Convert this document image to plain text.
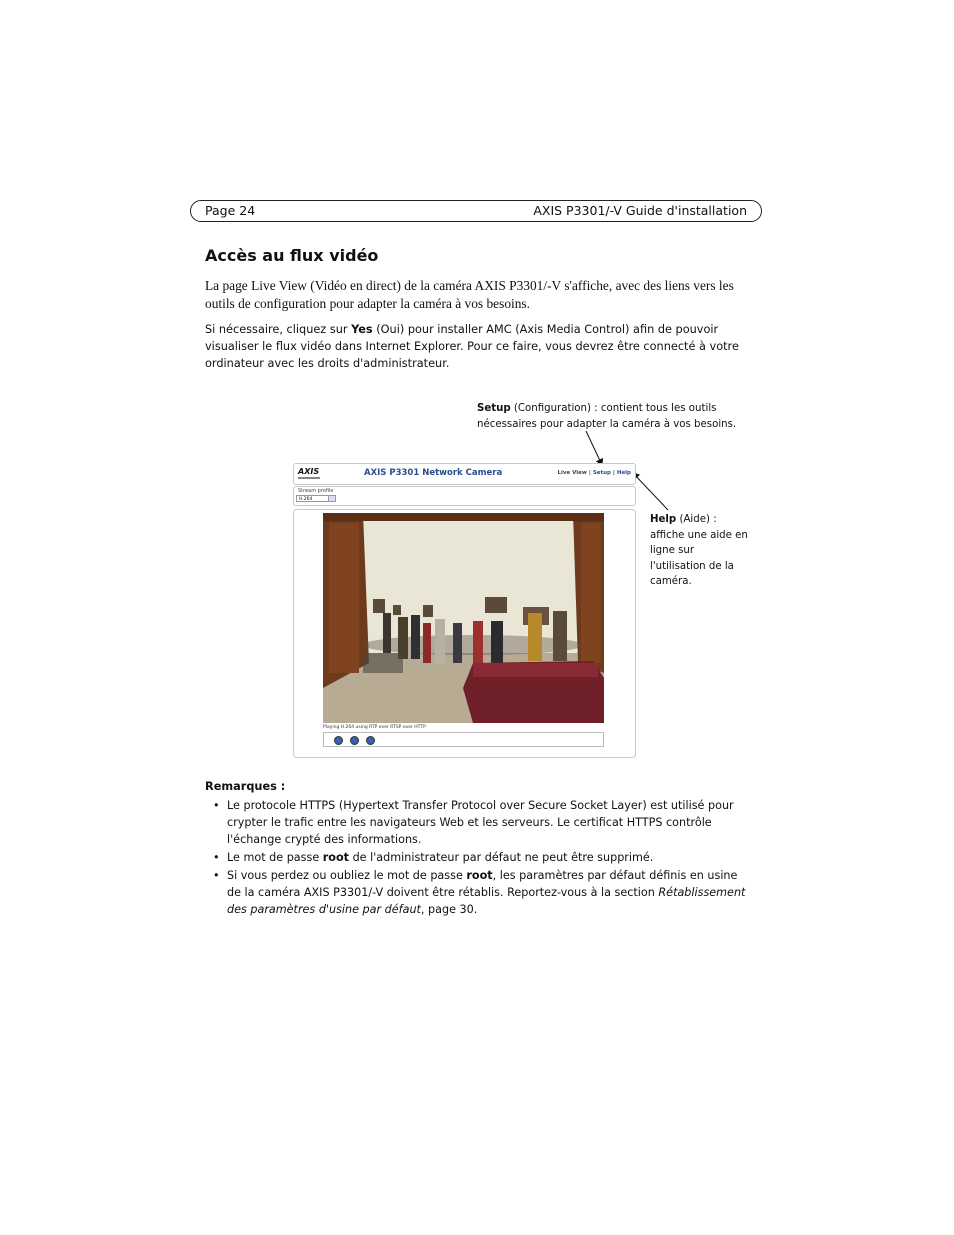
Page 24	AXIS P3301/-V Guide d'installation
Accès au flux vidéo

La page Live View (Vidéo en direct) de la caméra AXIS P3301/-V s'affiche, avec des liens vers les outils de configuration pour adapter la caméra à vos besoins.

Si nécessaire, cliquez sur Yes (Oui) pour installer AMC (Axis Media Control) afin de pouvoir visualiser le flux vidéo dans Internet Explorer. Pour ce faire, vous devrez être connecté à votre ordinateur avec les droits d'administrateur.

Setup (Configuration) : contient tous les outils nécessaires pour adapter la caméra à vos besoins.

Help (Aide) : affiche une aide en ligne sur l'utilisation de la caméra.

AXIS	AXIS P3301 Network Camera	Live View | Setup | Help
Stream profile
H.264
Playing H.264 using RTP over RTSP over HTTP

Remarques :

• Le protocole HTTPS (Hypertext Transfer Protocol over Secure Socket Layer) est utilisé pour crypter le trafic entre les navigateurs Web et les serveurs. Le certificat HTTPS contrôle l'échange crypté des informations.
• Le mot de passe root de l'administrateur par défaut ne peut être supprimé.
• Si vous perdez ou oubliez le mot de passe root, les paramètres par défaut définis en usine de la caméra AXIS P3301/-V doivent être rétablis. Reportez-vous à la section Rétablissement des paramètres d'usine par défaut, page 30.
